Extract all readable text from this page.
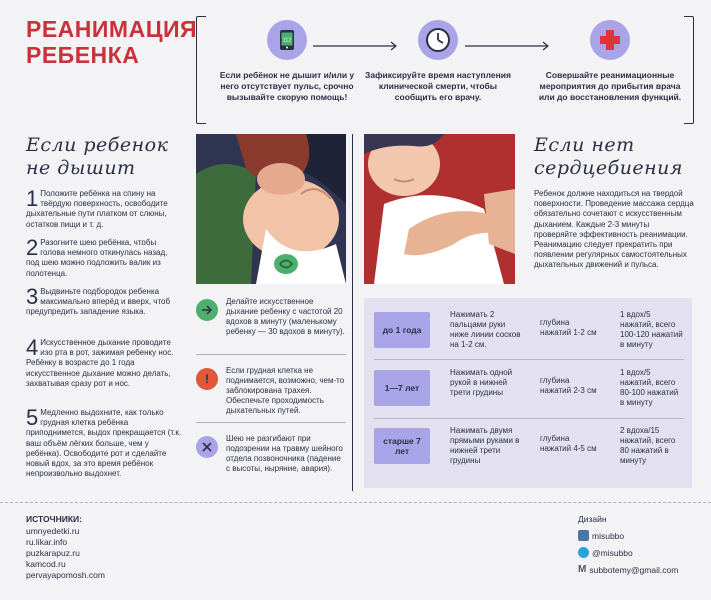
РЕАНИМАЦИЯ
РЕБЕНКА
112
Если ребёнок не дышит и/или у него отсутствует пульс, срочно вызывайте скорую помощь!
Зафиксируйте время наступления клинической смерти, чтобы сообщить его врачу.
Совершайте реанимационные мероприятия до прибытия врача или до восстановления функций.
Если ребенок
не дышит
1 Положите ребёнка на спину на твёрдую поверхность, освободите дыхательные пути платком от слюны, остатков пищи и т. д.
2 Разогните шею ребёнка, чтобы голова немного откинулась назад, под шею можно подложить валик из полотенца.
3 Выдвиньте подбородок ребенка максимально вперёд и вверх, чтоб предупредить западение языка.
4 Искусственное дыхание проводите изо рта в рот, зажимая ребенку нос. Ребёнку в возрасте до 1 года искусственное дыхание можно делать, захватывая сразу рот и нос.
5 Медленно выдохните, как только грудная клетка ребёнка приподнимется, выдох прекращается (т.к. ваш объём лёгких больше, чем у ребёнка). Освободите рот и сделайте новый вдох, за это время ребёнок непроизвольно выдохнет.
Если нет
сердцебиения
Ребенок должне находиться на твердой поверхности. Проведение массажа сердца обязательно сочетают с искусственным дыханием. Каждые 2-3 минуты проверяйте эффективность реанимации. Реанимацию следует прекратить при появлении регулярных самостоятельных дыхательных движений и пульса.
Делайте искусственное дыхание ребенку с частотой 20 вдохов в минуту (маленькому ребенку — 30 вдохов в минуту).
!
Если грудная клетка не поднимается, возможно, чем-то заблокирована трахея. Обеспечьте проходимость дыхательных путей.
Шею не разгибают при подозрении на травму шейного отдела позвоночника (падение с высоты, ныряние, авария).
до 1 года
Нажимать 2 пальцами руки ниже линии сосков на 1-2 см.
глубина нажатий 1-2 см
1 вдох/5 нажатий, всего 100-120 нажатий в минуту
1—7 лет
Нажимать одной рукой в нижней трети грудины
глубина нажатий 2-3 см
1 вдох/5 нажатий, всего 80-100 нажатий в минуту
старше 7 лет
Нажимать двумя прямыми руками в нижней трети грудины
глубина нажатий 4-5 см
2 вдоха/15 нажатий, всего 80 нажатий в минуту
ИСТОЧНИКИ:
umnyedetki.ru
ru.likar.info
puzkarapuz.ru
kamcod.ru
pervayapomosh.com
Дизайн
misubbo
@misubbo
M subbotemy@gmail.com
